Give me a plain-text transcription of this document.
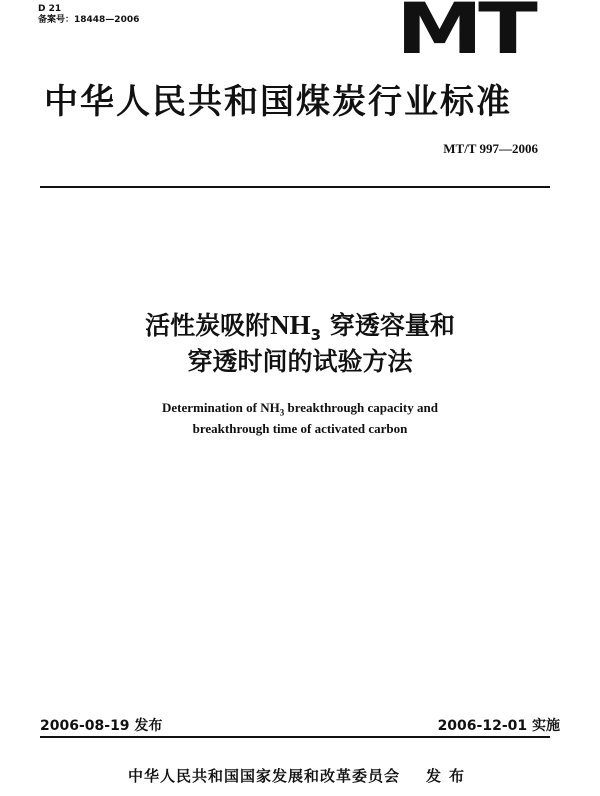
D 21
备案号：18448—2006	MT
中华人民共和国煤炭行业标准
MT/T 997—2006
活性炭吸附$NH_3$ 穿透容量和
穿透时间的试验方法
Determination of $NH_3$ breakthrough capacity and
breakthrough time of activated carbon
2006-08-19 发布	2006-12-01 实施
中华人民共和国国家发展和改革委员会 发布
